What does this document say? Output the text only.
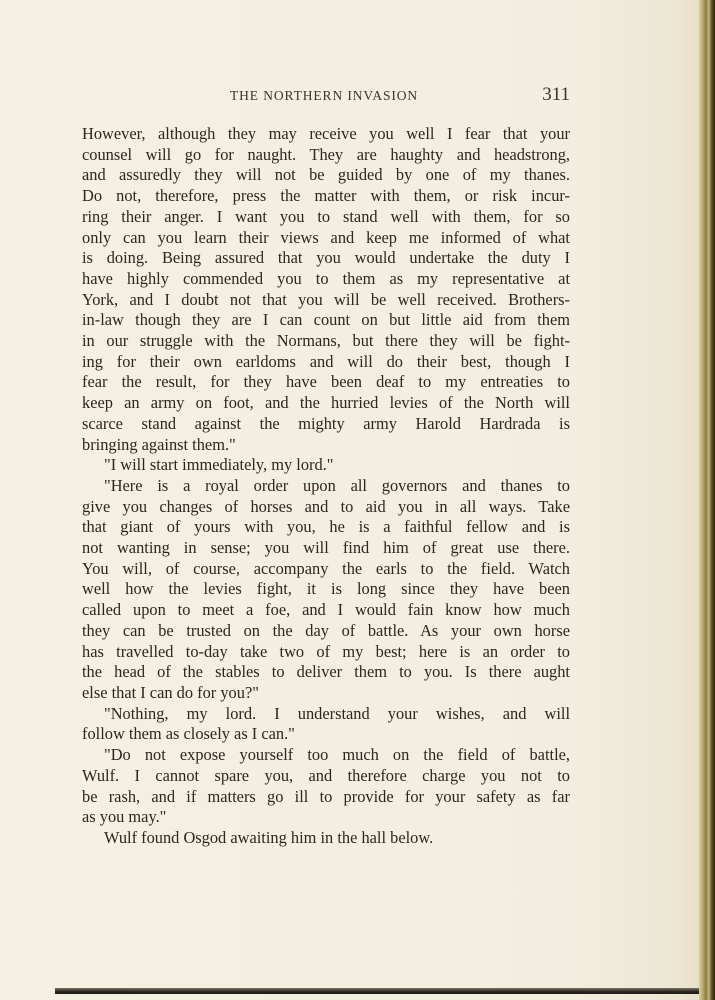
THE NORTHERN INVASION	311
However, although they may receive you well I fear that your
counsel will go for naught. They are haughty and headstrong,
and assuredly they will not be guided by one of my thanes.
Do not, therefore, press the matter with them, or risk incur-
ring their anger. I want you to stand well with them, for so
only can you learn their views and keep me informed of what
is doing. Being assured that you would undertake the duty I
have highly commended you to them as my representative at
York, and I doubt not that you will be well received. Brothers-
in-law though they are I can count on but little aid from them
in our struggle with the Normans, but there they will be fight-
ing for their own earldoms and will do their best, though I
fear the result, for they have been deaf to my entreaties to
keep an army on foot, and the hurried levies of the North will
scarce stand against the mighty army Harold Hardrada is
bringing against them."
"I will start immediately, my lord."
"Here is a royal order upon all governors and thanes to
give you changes of horses and to aid you in all ways. Take
that giant of yours with you, he is a faithful fellow and is
not wanting in sense; you will find him of great use there.
You will, of course, accompany the earls to the field. Watch
well how the levies fight, it is long since they have been
called upon to meet a foe, and I would fain know how much
they can be trusted on the day of battle. As your own horse
has travelled to-day take two of my best; here is an order to
the head of the stables to deliver them to you. Is there aught
else that I can do for you?"
"Nothing, my lord. I understand your wishes, and will
follow them as closely as I can."
"Do not expose yourself too much on the field of battle,
Wulf. I cannot spare you, and therefore charge you not to
be rash, and if matters go ill to provide for your safety as far
as you may."
Wulf found Osgod awaiting him in the hall below.
